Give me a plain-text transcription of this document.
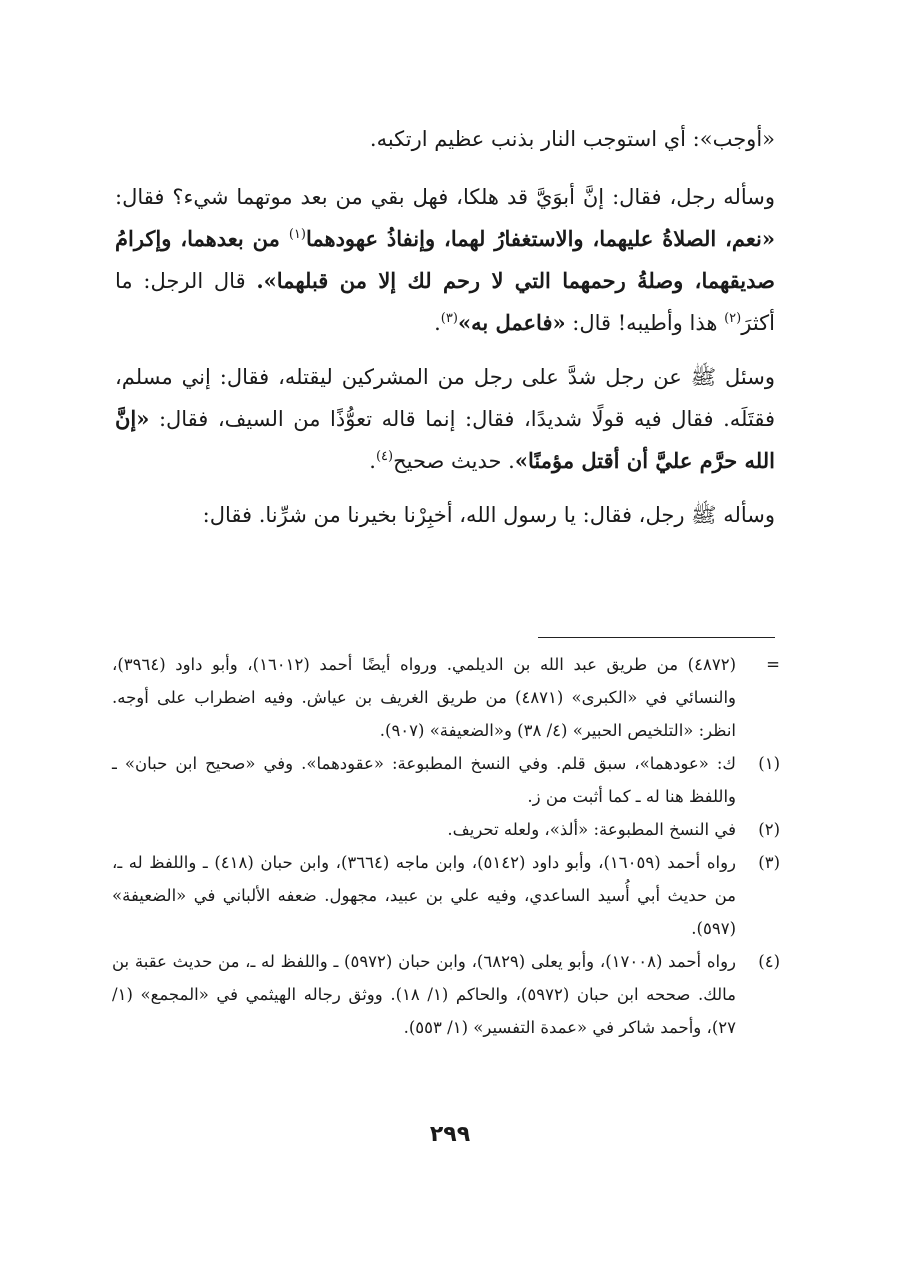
«أوجب»: أي استوجب النار بذنب عظيم ارتكبه.

وسأله رجل، فقال: إنَّ أبوَيَّ قد هلكا، فهل بقي من بعد موتهما شيء؟ فقال: «نعم، الصلاةُ عليهما، والاستغفارُ لهما، وإنفاذُ عهودهما$^{(١)}$ من بعدهما، وإكرامُ صديقهما، وصلةُ رحمهما التي لا رحم لك إلا من قبلهما». قال الرجل: ما أكثرَ$^{(٢)}$ هذا وأطيبه! قال: «فاعمل به»$^{(٣)}$.

وسئل ﷺ عن رجل شدَّ على رجل من المشركين ليقتله، فقال: إني مسلم، فقتَلَه. فقال فيه قولًا شديدًا، فقال: إنما قاله تعوُّذًا من السيف، فقال: «إنَّ الله حرَّم عليَّ أن أقتل مؤمنًا». حديث صحيح$^{(٤)}$.

وسأله ﷺ رجل، فقال: يا رسول الله، أخبِرْنا بخيرنا من شرِّنا. فقال:

=
(٤٨٧٢) من طريق عبد الله بن الديلمي. ورواه أيضًا أحمد (١٦٠١٢)، وأبو داود (٣٩٦٤)، والنسائي في «الكبرى» (٤٨٧١) من طريق الغريف بن عياش. وفيه اضطراب على أوجه. انظر: «التلخيص الحبير» (٤/ ٣٨) و«الضعيفة» (٩٠٧).
(١)
ك: «عودهما»، سبق قلم. وفي النسخ المطبوعة: «عقودهما». وفي «صحيح ابن حبان» ـ واللفظ هنا له ـ كما أثبت من ز.
(٢)
في النسخ المطبوعة: «ألذ»، ولعله تحريف.
(٣)
رواه أحمد (١٦٠٥٩)، وأبو داود (٥١٤٢)، وابن ماجه (٣٦٦٤)، وابن حبان (٤١٨) ـ واللفظ له ـ، من حديث أبي أُسيد الساعدي، وفيه علي بن عبيد، مجهول. ضعفه الألباني في «الضعيفة» (٥٩٧).
(٤)
رواه أحمد (١٧٠٠٨)، وأبو يعلى (٦٨٢٩)، وابن حبان (٥٩٧٢) ـ واللفظ له ـ، من حديث عقبة بن مالك. صححه ابن حبان (٥٩٧٢)، والحاكم (١/ ١٨). ووثق رجاله الهيثمي في «المجمع» (١/ ٢٧)، وأحمد شاكر في «عمدة التفسير» (١/ ٥٥٣).
٢٩٩
